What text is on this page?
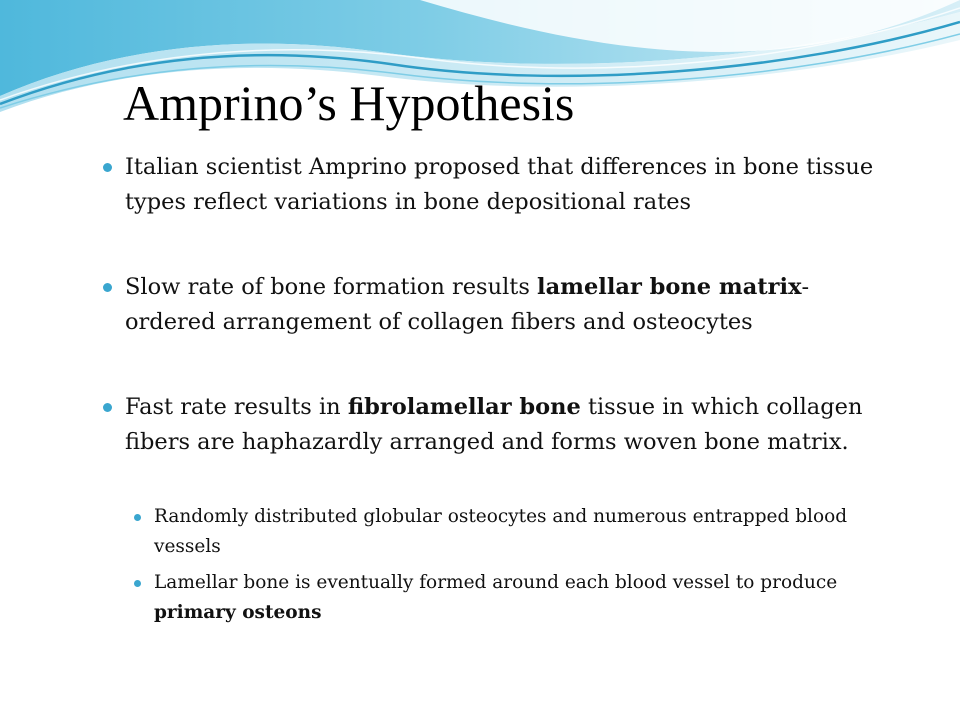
Amprino’s Hypothesis

Italian scientist Amprino proposed that differences in bone tissue types reflect variations in bone depositional rates

Slow rate of bone formation results lamellar bone matrix- ordered arrangement of collagen fibers and osteocytes

Fast rate results in fibrolamellar bone tissue in which collagen fibers are haphazardly arranged and forms woven bone matrix.

Randomly distributed globular osteocytes and numerous entrapped blood vessels

Lamellar bone is eventually formed around each blood vessel to produce primary osteons
